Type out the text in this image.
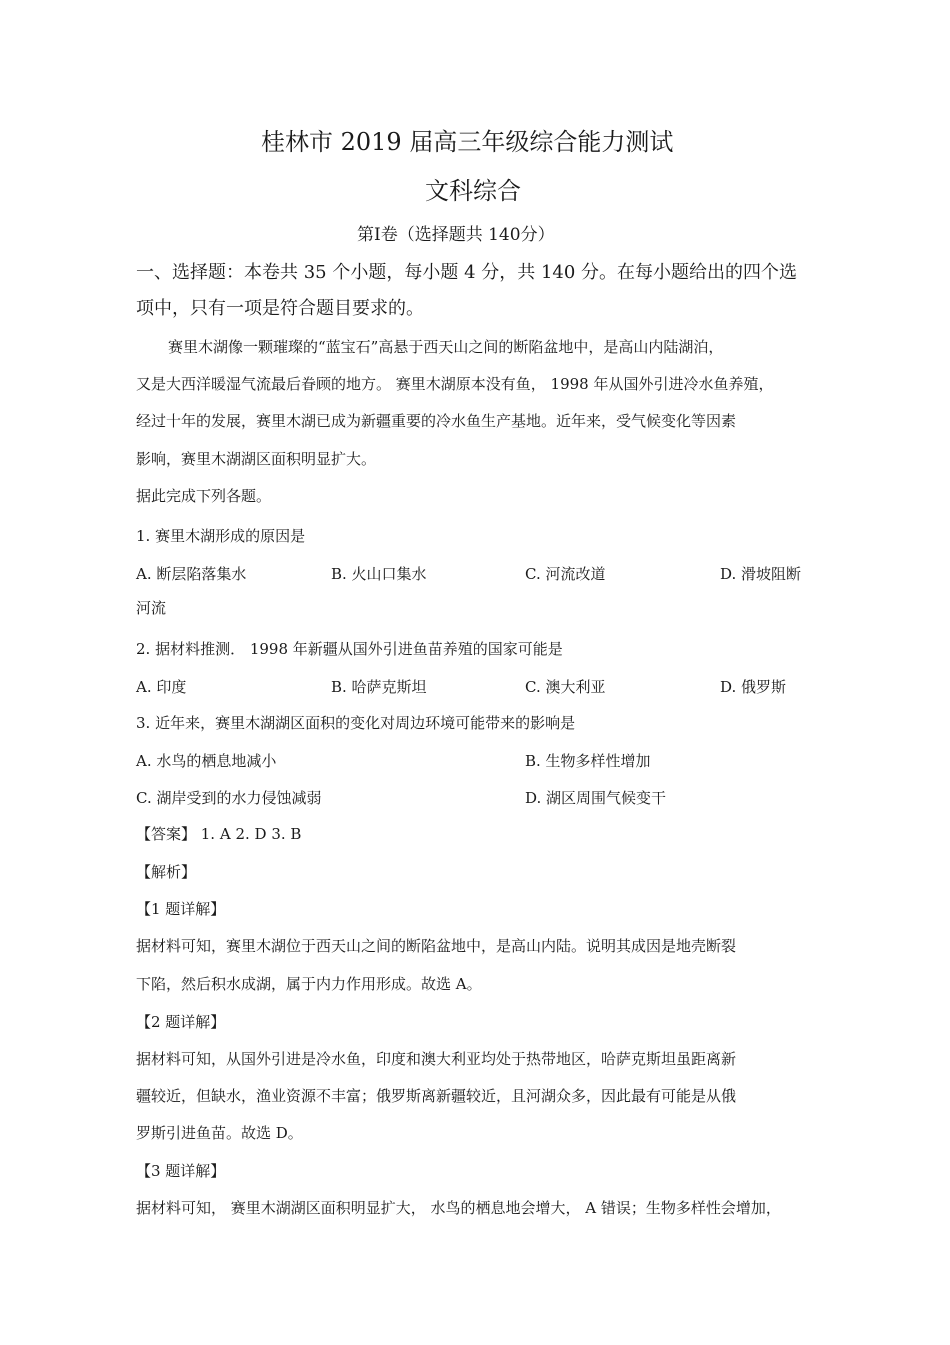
桂林市 2019 届高三年级综合能力测试
文科综合
第Ⅰ卷（选择题共 140分）
一、选择题：本卷共 35 个小题，每小题 4 分，共 140 分。在每小题给出的四个选
项中，只有一项是符合题目要求的。
赛里木湖像一颗璀璨的“蓝宝石”高悬于西天山之间的断陷盆地中，是高山内陆湖泊，
又是大西洋暖湿气流最后眷顾的地方。 赛里木湖原本没有鱼， 1998 年从国外引进冷水鱼养殖，
经过十年的发展，赛里木湖已成为新疆重要的冷水鱼生产基地。近年来，受气候变化等因素
影响，赛里木湖湖区面积明显扩大。
据此完成下列各题。
1. 赛里木湖形成的原因是
A. 断层陷落集水	B. 火山口集水	C. 河流改道	D. 滑坡阻断
河流
2. 据材料推测． 1998 年新疆从国外引进鱼苗养殖的国家可能是
A. 印度	B. 哈萨克斯坦	C. 澳大利亚	D. 俄罗斯
3. 近年来，赛里木湖湖区面积的变化对周边环境可能带来的影响是
A. 水鸟的栖息地减小	B. 生物多样性增加
C. 湖岸受到的水力侵蚀减弱	D. 湖区周围气候变干
【答案】 1. A 2. D 3. B
【解析】
【1 题详解】
据材料可知，赛里木湖位于西天山之间的断陷盆地中，是高山内陆。说明其成因是地壳断裂
下陷，然后积水成湖，属于内力作用形成。故选 A。
【2 题详解】
据材料可知，从国外引进是冷水鱼，印度和澳大利亚均处于热带地区，哈萨克斯坦虽距离新
疆较近，但缺水，渔业资源不丰富；俄罗斯离新疆较近，且河湖众多，因此最有可能是从俄
罗斯引进鱼苗。故选 D。
【3 题详解】
据材料可知， 赛里木湖湖区面积明显扩大， 水鸟的栖息地会增大， A 错误；生物多样性会增加，
